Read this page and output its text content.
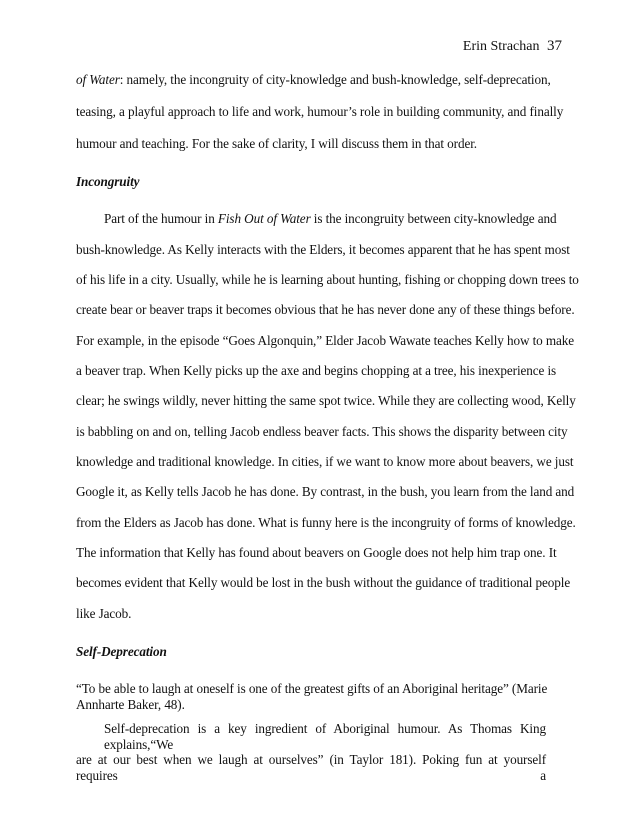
Erin Strachan 37
of Water: namely, the incongruity of city-knowledge and bush-knowledge, self-deprecation,
teasing, a playful approach to life and work, humour’s role in building community, and finally
humour and teaching. For the sake of clarity, I will discuss them in that order.
Incongruity
Part of the humour in Fish Out of Water is the incongruity between city-knowledge and
bush-knowledge. As Kelly interacts with the Elders, it becomes apparent that he has spent most
of his life in a city. Usually, while he is learning about hunting, fishing or chopping down trees to
create bear or beaver traps it becomes obvious that he has never done any of these things before.
For example, in the episode “Goes Algonquin,” Elder Jacob Wawate teaches Kelly how to make
a beaver trap. When Kelly picks up the axe and begins chopping at a tree, his inexperience is
clear; he swings wildly, never hitting the same spot twice. While they are collecting wood, Kelly
is babbling on and on, telling Jacob endless beaver facts. This shows the disparity between city
knowledge and traditional knowledge. In cities, if we want to know more about beavers, we just
Google it, as Kelly tells Jacob he has done. By contrast, in the bush, you learn from the land and
from the Elders as Jacob has done. What is funny here is the incongruity of forms of knowledge.
The information that Kelly has found about beavers on Google does not help him trap one. It
becomes evident that Kelly would be lost in the bush without the guidance of traditional people
like Jacob.
Self-Deprecation
“To be able to laugh at oneself is one of the greatest gifts of an Aboriginal heritage” (Marie
Annharte Baker, 48).
Self-deprecation is a key ingredient of Aboriginal humour. As Thomas King explains,“We
are at our best when we laugh at ourselves” (in Taylor 181). Poking fun at yourself requires a
